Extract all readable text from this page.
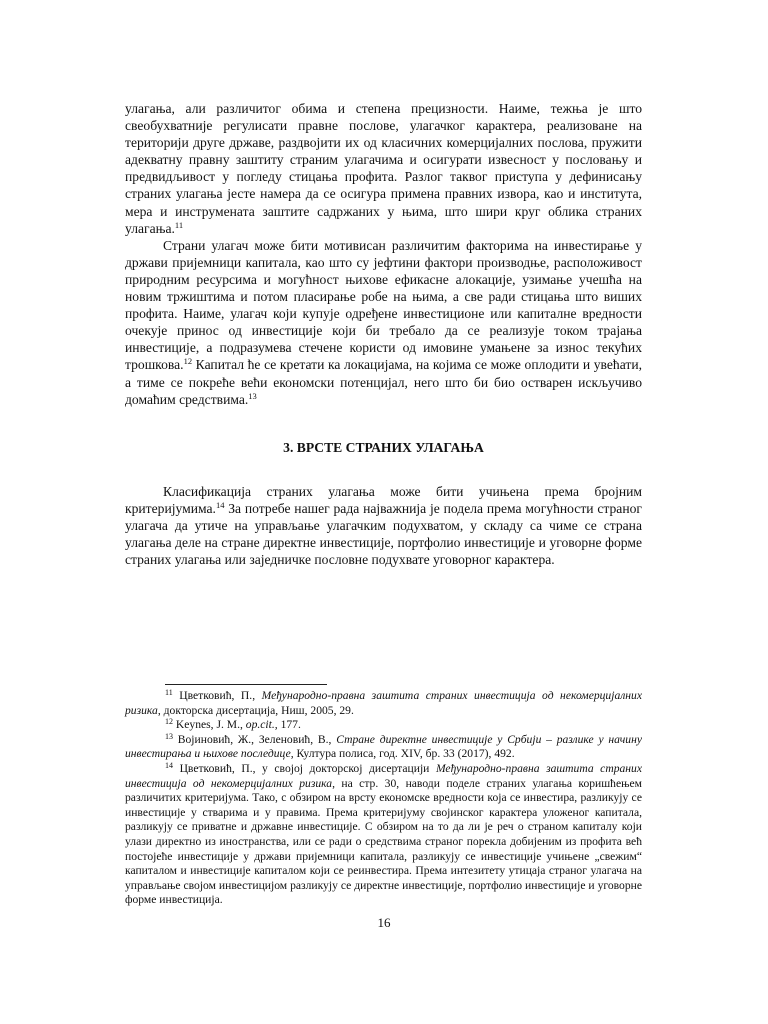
улагања, али различитог обима и степена прецизности. Наиме, тежња је што свеобухватније регулисати правне послове, улагачког карактера, реализоване на територији друге државе, раздвојити их од класичних комерцијалних послова, пружити адекватну правну заштиту страним улагачима и осигурати извесност у пословању и предвидљивост у погледу стицања профита. Разлог таквог приступа у дефинисању страних улагања јесте намера да се осигура примена правних извора, као и института, мера и инструмената заштите садржаних у њима, што шири круг облика страних улагања.$^{11}$

Страни улагач може бити мотивисан различитим факторима на инвестирање у држави пријемници капитала, као што су јефтини фактори производње, расположивост природним ресурсима и могућност њихове ефикасне алокације, узимање учешћа на новим тржиштима и потом пласирање робе на њима, а све ради стицања што виших профита. Наиме, улагач који купује одређене инвестиционе или капиталне вредности очекује принос од инвестиције који би требало да се реализује током трајања инвестиције, а подразумева стечене користи од имовине умањене за износ текућих трошкова.$^{12}$ Капитал ће се кретати ка локацијама, на којима се може оплодити и увећати, а тиме се покреће већи економски потенцијал, него што би био остварен искључиво домаћим средствима.$^{13}$

3. ВРСТЕ СТРАНИХ УЛАГАЊА

Класификација страних улагања може бити учињена према бројним критеријумима.$^{14}$ За потребе нашег рада најважнија је подела према могућности страног улагача да утиче на управљање улагачким подухватом, у складу са чиме се страна улагања деле на стране директне инвестиције, портфолио инвестиције и уговорне форме страних улагања или заједничке пословне подухвате уговорног карактера.

$^{11}$ Цветковић, П., Међународно-правна заштита страних инвестиција од некомерцијалних ризика, докторска дисертација, Ниш, 2005, 29.

$^{12}$ Keynes, J. M., op.cit., 177.

$^{13}$ Војиновић, Ж., Зеленовић, В., Стране директне инвестиције у Србији – разлике у начину инвестирања и њихове последице, Култура полиса, год. XIV, бр. 33 (2017), 492.

$^{14}$ Цветковић, П., у својој докторској дисертацији Међународно-правна заштита страних инвестиција од некомерцијалних ризика, на стр. 30, наводи поделе страних улагања коришћењем различитих критеријума. Тако, с обзиром на врсту економске вредности која се инвестира, разликују се инвестиције у стварима и у правима. Према критеријуму својинског карактера уложеног капитала, разликују се приватне и државне инвестиције. С обзиром на то да ли је реч о страном капиталу који улази директно из иностранства, или се ради о средствима страног порекла добијеним из профита већ постојеће инвестиције у држави пријемници капитала, разликују се инвестиције учињене „свежим“ капиталом и инвестиције капиталом који се реинвестира. Према интезитету утицаја страног улагача на управљање својом инвестицијом разликују се директне инвестиције, портфолио инвестиције и уговорне форме инвестиција.

16
